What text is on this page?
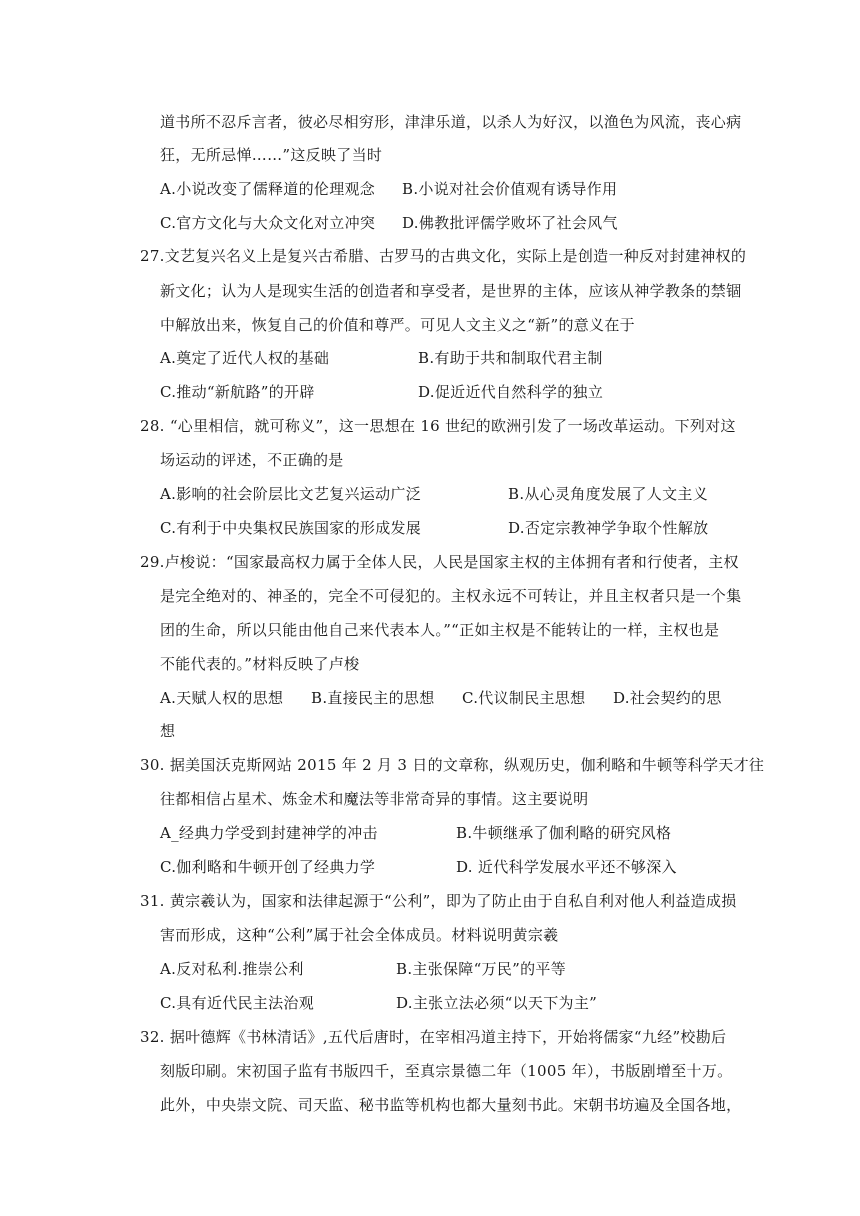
道书所不忍斥言者，彼必尽相穷形，津津乐道，以杀人为好汉，以渔色为风流，丧心病
狂，无所忌惮……”这反映了当时
A.小说改变了儒释道的伦理观念 B.小说对社会价值观有诱导作用
C.官方文化与大众文化对立冲突 D.佛教批评儒学败坏了社会风气
27.文艺复兴名义上是复兴古希腊、古罗马的古典文化，实际上是创造一种反对封建神权的
新文化；认为人是现实生活的创造者和享受者，是世界的主体，应该从神学教条的禁锢
中解放出来，恢复自己的价值和尊严。可见人文主义之“新”的意义在于
A.奠定了近代人权的基础	B.有助于共和制取代君主制
C.推动“新航路”的开辟	D.促近近代自然科学的独立
28. “心里相信，就可称义”，这一思想在 16 世纪的欧洲引发了一场改革运动。下列对这
场运动的评述，不正确的是
A.影响的社会阶层比文艺复兴运动广泛	B.从心灵角度发展了人文主义
C.有利于中央集权民族国家的形成发展	D.否定宗教神学争取个性解放
29.卢梭说：“国家最高权力属于全体人民，人民是国家主权的主体拥有者和行使者，主权
是完全绝对的、神圣的，完全不可侵犯的。主权永远不可转让，并且主权者只是一个集
团的生命，所以只能由他自己来代表本人。”“正如主权是不能转让的一样，主权也是
不能代表的。”材料反映了卢梭
A.天赋人权的思想 B.直接民主的思想 C.代议制民主思想 D.社会契约的思
想
30. 据美国沃克斯网站 2015 年 2 月 3 日的文章称，纵观历史，伽利略和牛顿等科学天才往
往都相信占星术、炼金术和魔法等非常奇异的事情。这主要说明
A_经典力学受到封建神学的冲击	B.牛顿继承了伽利略的研究风格
C.伽利略和牛顿开创了经典力学	D. 近代科学发展水平还不够深入
31. 黄宗羲认为，国家和法律起源于“公利”，即为了防止由于自私自利对他人利益造成损
害而形成，这种“公利”属于社会全体成员。材料说明黄宗羲
A.反对私利.推崇公利	B.主张保障“万民”的平等
C.具有近代民主法治观	D.主张立法必须“以天下为主”
32. 据叶德辉《书林清话》,五代后唐时，在宰相冯道主持下，开始将儒家“九经”校勘后
刻版印刷。宋初国子监有书版四千，至真宗景德二年（1005 年），书版剧增至十万。
此外，中央崇文院、司天监、秘书监等机构也都大量刻书此。宋朝书坊遍及全国各地，
